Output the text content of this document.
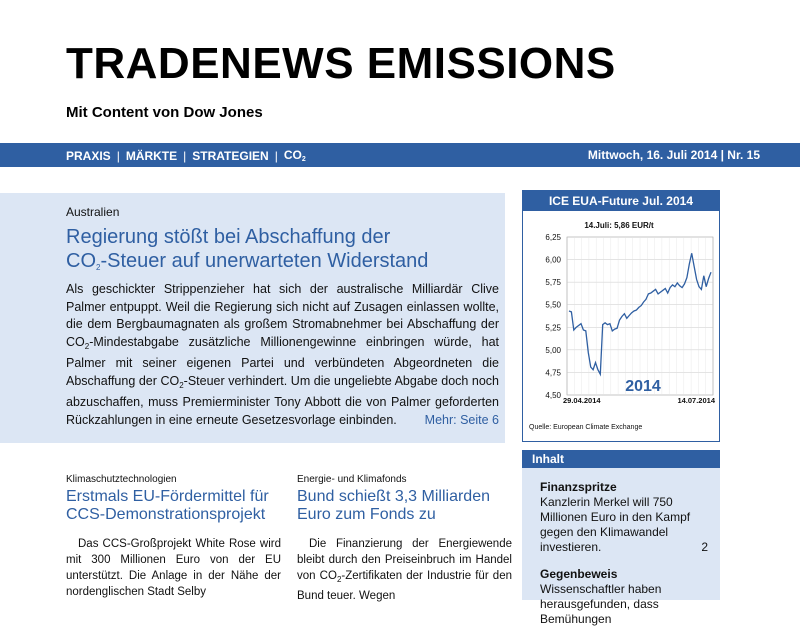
TRADENEWS EMISSIONS
Mit Content von Dow Jones
PRAXIS | MÄRKTE | STRATEGIEN | $CO_2$	Mittwoch, 16. Juli 2014 | Nr. 15
Australien
Regierung stößt bei Abschaffung der
CO2-Steuer auf unerwarteten Widerstand
Als geschickter Strippenzieher hat sich der australische Milliardär Clive Palmer entpuppt. Weil die Regierung sich nicht auf Zusagen einlassen wollte, die dem Bergbaumagnaten als großem Stromabnehmer bei Abschaffung der $CO_2$-Mindestabgabe zusätzliche Millionengewinne einbringen würde, hat Palmer mit seiner eigenen Partei und verbündeten Abgeordneten die Abschaffung der $CO_2$-Steuer verhindert. Um die ungeliebte Abgabe doch noch abzuschaffen, muss Premierminister Tony Abbott die von Palmer geforderten Rückzahlungen in eine erneute Gesetzesvorlage einbinden. Mehr: Seite 6
ICE EUA-Future Jul. 2014
14.Juli: 5,86 EUR/t
6,25
6,00
5,75
5,50
5,25
5,00
4,75
4,50
2014
29.04.2014	14.07.2014
Quelle: European Climate Exchange
Inhalt
Finanzspritze
Kanzlerin Merkel will 750 Millionen Euro in den Kampf gegen den Klimawandel investieren.	2
Gegenbeweis
Wissenschaftler haben herausgefunden, dass Bemühungen
Klimaschutztechnologien
Erstmals EU-Fördermittel für CCS-Demonstrationsprojekt
Das CCS-Großprojekt White Rose wird mit 300 Millionen Euro von der EU unterstützt. Die Anlage in der Nähe der nordenglischen Stadt Selby
Energie- und Klimafonds
Bund schießt 3,3 Milliarden Euro zum Fonds zu
Die Finanzierung der Energiewende bleibt durch den Preiseinbruch im Handel von $CO_2$-Zertifikaten der Industrie für den Bund teuer. Wegen
